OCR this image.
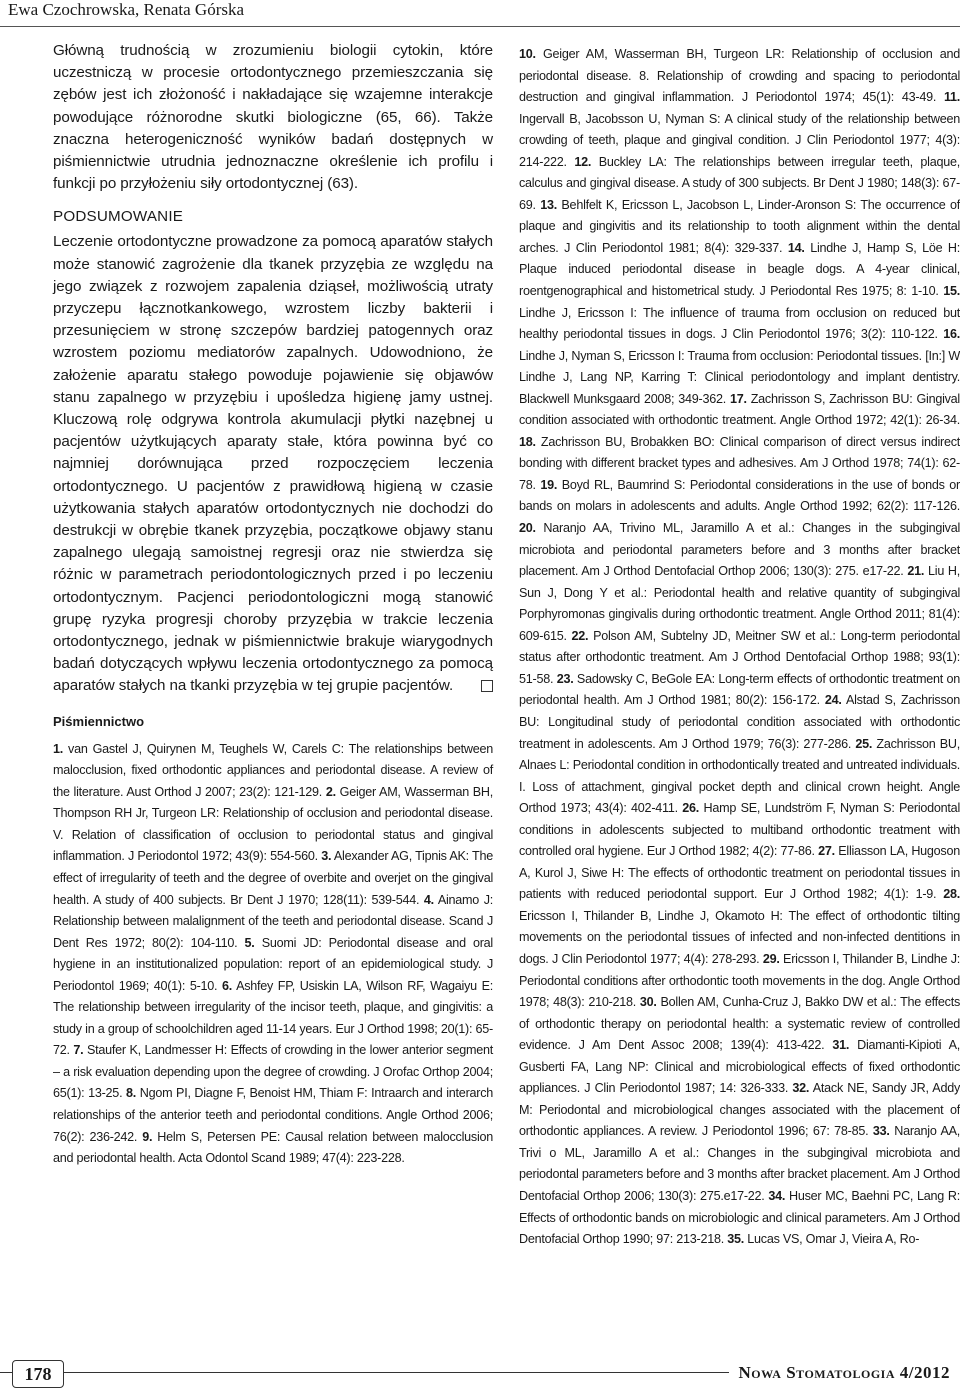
Ewa Czochrowska, Renata Górska

Główną trudnością w zrozumieniu biologii cytokin, które uczestniczą w procesie ortodontycznego przemieszczania się zębów jest ich złożoność i nakładające się wzajemne interakcje powodujące różnorodne skutki biologiczne (65, 66). Także znaczna heterogeniczność wyników badań dostępnych w piśmiennictwie utrudnia jednoznaczne określenie ich profilu i funkcji po przyłożeniu siły ortodontycznej (63).

PODSUMOWANIE

Leczenie ortodontyczne prowadzone za pomocą aparatów stałych może stanowić zagrożenie dla tkanek przyzębia ze względu na jego związek z rozwojem zapalenia dziąseł, możliwością utraty przyczepu łącznotkankowego, wzrostem liczby bakterii i przesunięciem w stronę szczepów bardziej patogennych oraz wzrostem poziomu mediatorów zapalnych. Udowodniono, że założenie aparatu stałego powoduje pojawienie się objawów stanu zapalnego w przyzębiu i upośledza higienę jamy ustnej. Kluczową rolę odgrywa kontrola akumulacji płytki nazębnej u pacjentów użytkujących aparaty stałe, która powinna być co najmniej dorównująca przed rozpoczęciem leczenia ortodontycznego. U pacjentów z prawidłową higieną w czasie użytkowania stałych aparatów ortodontycznych nie dochodzi do destrukcji w obrębie tkanek przyzębia, początkowe objawy stanu zapalnego ulegają samoistnej regresji oraz nie stwierdza się różnic w parametrach periodontologicznych przed i po leczeniu ortodontycznym. Pacjenci periodontologiczni mogą stanowić grupę ryzyka progresji choroby przyzębia w trakcie leczenia ortodontycznego, jednak w piśmiennictwie brakuje wiarygodnych badań dotyczących wpływu leczenia ortodontycznego za pomocą aparatów stałych na tkanki przyzębia w tej grupie pacjentów.

Piśmiennictwo

1. van Gastel J, Quirynen M, Teughels W, Carels C: The relationships between malocclusion, fixed orthodontic appliances and periodontal disease. A review of the literature. Aust Orthod J 2007; 23(2): 121-129. 2. Geiger AM, Wasserman BH, Thompson RH Jr, Turgeon LR: Relationship of occlusion and periodontal disease. V. Relation of classification of occlusion to periodontal status and gingival inflammation. J Periodontol 1972; 43(9): 554-560. 3. Alexander AG, Tipnis AK: The effect of irregularity of teeth and the degree of overbite and overjet on the gingival health. A study of 400 subjects. Br Dent J 1970; 128(11): 539-544. 4. Ainamo J: Relationship between malalignment of the teeth and periodontal disease. Scand J Dent Res 1972; 80(2): 104-110. 5. Suomi JD: Periodontal disease and oral hygiene in an institutionalized population: report of an epidemiological study. J Periodontol 1969; 40(1): 5-10. 6. Ashfey FP, Usiskin LA, Wilson RF, Wagaiyu E: The relationship between irregularity of the incisor teeth, plaque, and gingivitis: a study in a group of schoolchildren aged 11-14 years. Eur J Orthod 1998; 20(1): 65-72. 7. Staufer K, Landmesser H: Effects of crowding in the lower anterior segment – a risk evaluation depending upon the degree of crowding. J Orofac Orthop 2004; 65(1): 13-25. 8. Ngom PI, Diagne F, Benoist HM, Thiam F: Intraarch and interarch relationships of the anterior teeth and periodontal conditions. Angle Orthod 2006; 76(2): 236-242. 9. Helm S, Petersen PE: Causal relation between malocclusion and periodontal health. Acta Odontol Scand 1989; 47(4): 223-228.

10. Geiger AM, Wasserman BH, Turgeon LR: Relationship of occlusion and periodontal disease. 8. Relationship of crowding and spacing to periodontal destruction and gingival inflammation. J Periodontol 1974; 45(1): 43-49. 11. Ingervall B, Jacobsson U, Nyman S: A clinical study of the relationship between crowding of teeth, plaque and gingival condition. J Clin Periodontol 1977; 4(3): 214-222. 12. Buckley LA: The relationships between irregular teeth, plaque, calculus and gingival disease. A study of 300 subjects. Br Dent J 1980; 148(3): 67-69. 13. Behlfelt K, Ericsson L, Jacobson L, Linder-Aronson S: The occurrence of plaque and gingivitis and its relationship to tooth alignment within the dental arches. J Clin Periodontol 1981; 8(4): 329-337. 14. Lindhe J, Hamp S, Löe H: Plaque induced periodontal disease in beagle dogs. A 4-year clinical, roentgenographical and histometrical study. J Periodontal Res 1975; 8: 1-10. 15. Lindhe J, Ericsson I: The influence of trauma from occlusion on reduced but healthy periodontal tissues in dogs. J Clin Periodontol 1976; 3(2): 110-122. 16. Lindhe J, Nyman S, Ericsson I: Trauma from occlusion: Periodontal tissues. [In:] W Lindhe J, Lang NP, Karring T: Clinical periodontology and implant dentistry. Blackwell Munksgaard 2008; 349-362. 17. Zachrisson S, Zachrisson BU: Gingival condition associated with orthodontic treatment. Angle Orthod 1972; 42(1): 26-34. 18. Zachrisson BU, Brobakken BO: Clinical comparison of direct versus indirect bonding with different bracket types and adhesives. Am J Orthod 1978; 74(1): 62-78. 19. Boyd RL, Baumrind S: Periodontal considerations in the use of bonds or bands on molars in adolescents and adults. Angle Orthod 1992; 62(2): 117-126. 20. Naranjo AA, Trivino ML, Jaramillo A et al.: Changes in the subgingival microbiota and periodontal parameters before and 3 months after bracket placement. Am J Orthod Dentofacial Orthop 2006; 130(3): 275. e17-22. 21. Liu H, Sun J, Dong Y et al.: Periodontal health and relative quantity of subgingival Porphyromonas gingivalis during orthodontic treatment. Angle Orthod 2011; 81(4): 609-615. 22. Polson AM, Subtelny JD, Meitner SW et al.: Long-term periodontal status after orthodontic treatment. Am J Orthod Dentofacial Orthop 1988; 93(1): 51-58. 23. Sadowsky C, BeGole EA: Long-term effects of orthodontic treatment on periodontal health. Am J Orthod 1981; 80(2): 156-172. 24. Alstad S, Zachrisson BU: Longitudinal study of periodontal condition associated with orthodontic treatment in adolescents. Am J Orthod 1979; 76(3): 277-286. 25. Zachrisson BU, Alnaes L: Periodontal condition in orthodontically treated and untreated individuals. I. Loss of attachment, gingival pocket depth and clinical crown height. Angle Orthod 1973; 43(4): 402-411. 26. Hamp SE, Lundström F, Nyman S: Periodontal conditions in adolescents subjected to multiband orthodontic treatment with controlled oral hygiene. Eur J Orthod 1982; 4(2): 77-86. 27. Elliasson LA, Hugoson A, Kurol J, Siwe H: The effects of orthodontic treatment on periodontal tissues in patients with reduced periodontal support. Eur J Orthod 1982; 4(1): 1-9. 28. Ericsson I, Thilander B, Lindhe J, Okamoto H: The effect of orthodontic tilting movements on the periodontal tissues of infected and non-infected dentitions in dogs. J Clin Periodontol 1977; 4(4): 278-293. 29. Ericsson I, Thilander B, Lindhe J: Periodontal conditions after orthodontic tooth movements in the dog. Angle Orthod 1978; 48(3): 210-218. 30. Bollen AM, Cunha-Cruz J, Bakko DW et al.: The effects of orthodontic therapy on periodontal health: a systematic review of controlled evidence. J Am Dent Assoc 2008; 139(4): 413-422. 31. Diamanti-Kipioti A, Gusberti FA, Lang NP: Clinical and microbiological effects of fixed orthodontic appliances. J Clin Periodontol 1987; 14: 326-333. 32. Atack NE, Sandy JR, Addy M: Periodontal and microbiological changes associated with the placement of orthodontic appliances. A review. J Periodontol 1996; 67: 78-85. 33. Naranjo AA, Trivi o ML, Jaramillo A et al.: Changes in the subgingival microbiota and periodontal parameters before and 3 months after bracket placement. Am J Orthod Dentofacial Orthop 2006; 130(3): 275.e17-22. 34. Huser MC, Baehni PC, Lang R: Effects of orthodontic bands on microbiologic and clinical parameters. Am J Orthod Dentofacial Orthop 1990; 97: 213-218. 35. Lucas VS, Omar J, Vieira A, Ro-
178	Nowa Stomatologia 4/2012
